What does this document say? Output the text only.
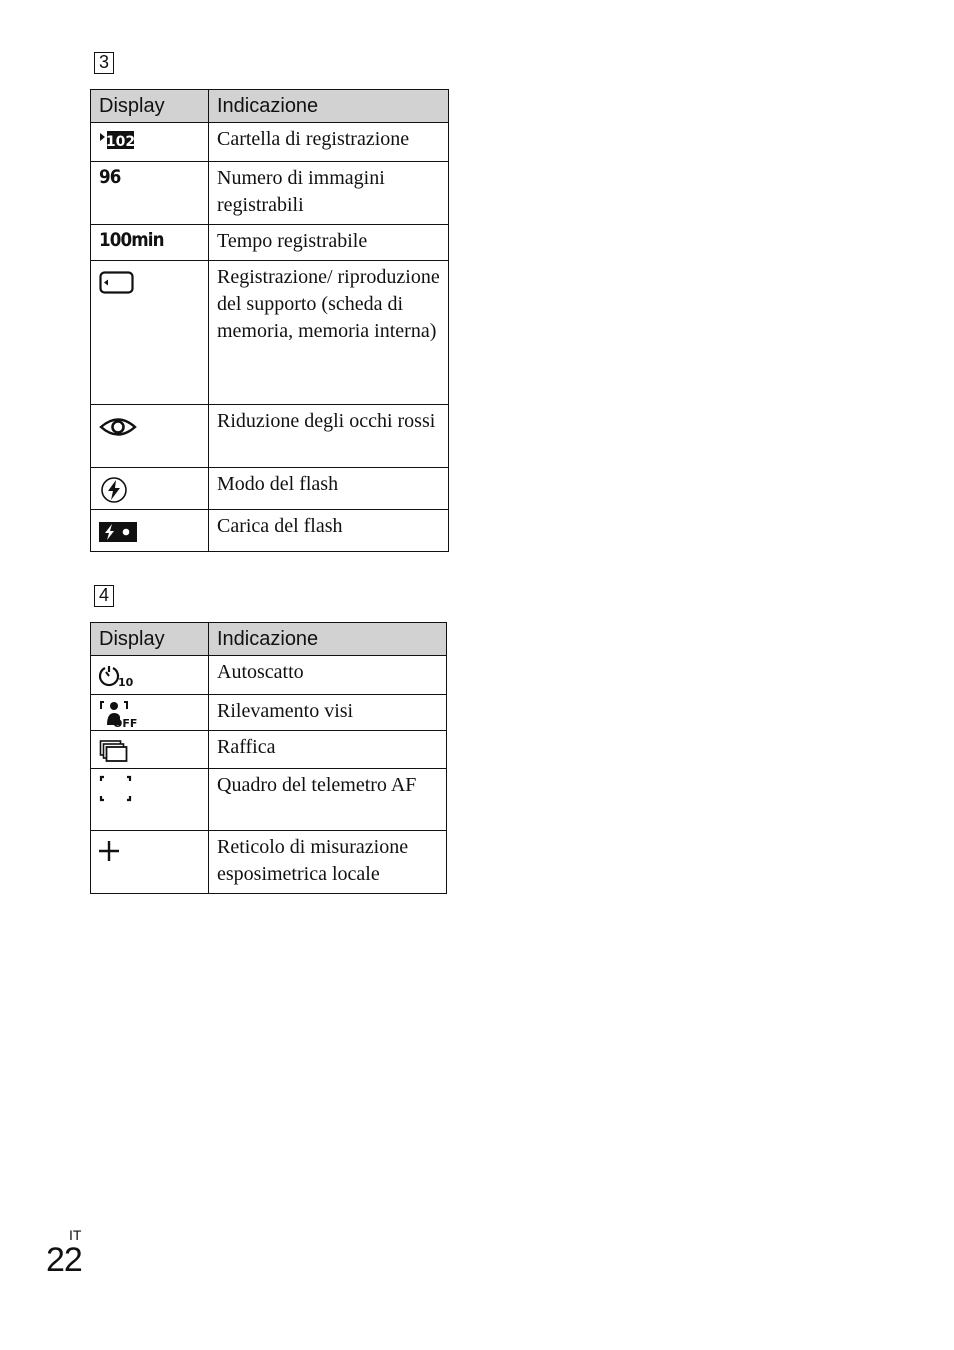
3
Display	Indicazione

102	Cartella di registrazione
96	Numero di immagini registrabili
100min	Tempo registrabile

	Registrazione/ riproduzione del supporto (scheda di memoria, memoria interna)

	Riduzione degli occhi rossi

	Modo del flash

	Carica del flash
4
Display	Indicazione

10	Autoscatto

OFF	Rilevamento visi

	Raffica

	Quadro del telemetro AF

	Reticolo di misurazione esposimetrica locale
IT
22
